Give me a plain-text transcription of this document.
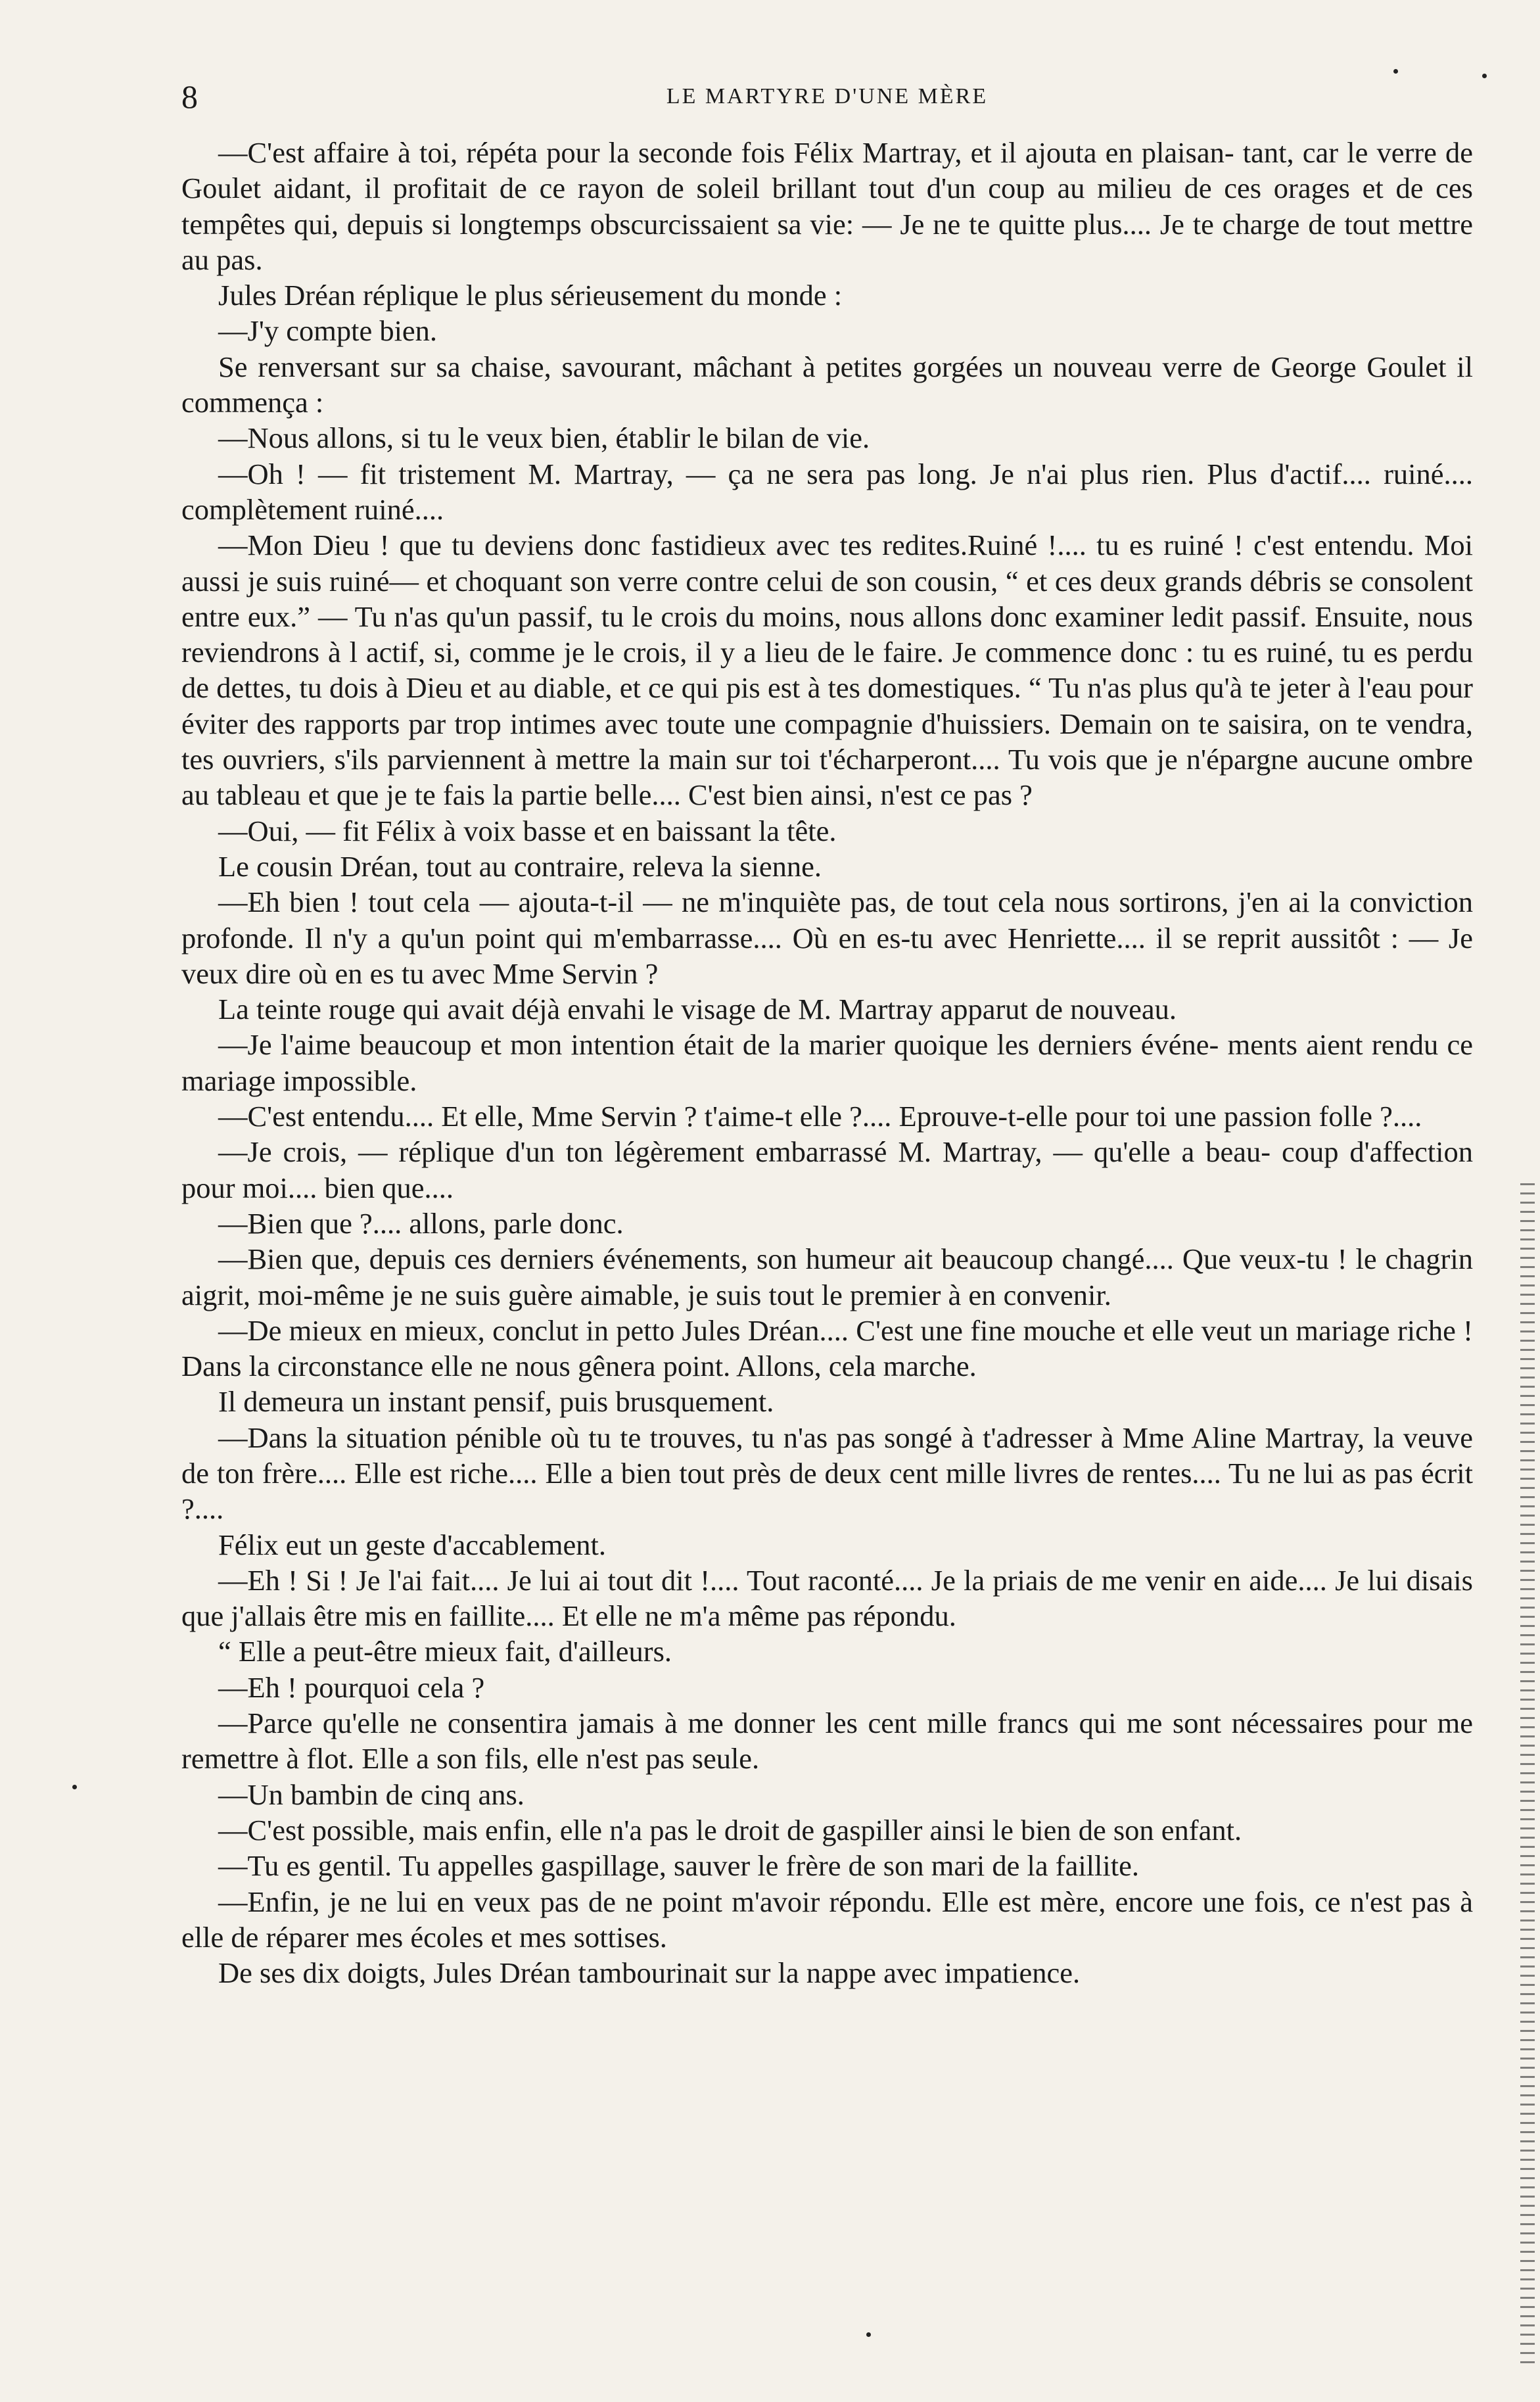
8	LE MARTYRE D'UNE MÈRE

—C'est affaire à toi, répéta pour la seconde fois Félix Martray, et il ajouta en plaisan- tant, car le verre de Goulet aidant, il profitait de ce rayon de soleil brillant tout d'un coup au milieu de ces orages et de ces tempêtes qui, depuis si longtemps obscurcissaient sa vie: — Je ne te quitte plus.... Je te charge de tout mettre au pas.

Jules Dréan réplique le plus sérieusement du monde :

—J'y compte bien.

Se renversant sur sa chaise, savourant, mâchant à petites gorgées un nouveau verre de George Goulet il commença :

—Nous allons, si tu le veux bien, établir le bilan de vie.

—Oh ! — fit tristement M. Martray, — ça ne sera pas long. Je n'ai plus rien. Plus d'actif.... ruiné.... complètement ruiné....

—Mon Dieu ! que tu deviens donc fastidieux avec tes redites.Ruiné !.... tu es ruiné ! c'est entendu. Moi aussi je suis ruiné— et choquant son verre contre celui de son cousin, “ et ces deux grands débris se consolent entre eux.” — Tu n'as qu'un passif, tu le crois du moins, nous allons donc examiner ledit passif. Ensuite, nous reviendrons à l actif, si, comme je le crois, il y a lieu de le faire. Je commence donc : tu es ruiné, tu es perdu de dettes, tu dois à Dieu et au diable, et ce qui pis est à tes domestiques. “ Tu n'as plus qu'à te jeter à l'eau pour éviter des rapports par trop intimes avec toute une compagnie d'huissiers. Demain on te saisira, on te vendra, tes ouvriers, s'ils parviennent à mettre la main sur toi t'écharperont.... Tu vois que je n'épargne aucune ombre au tableau et que je te fais la partie belle.... C'est bien ainsi, n'est ce pas ?

—Oui, — fit Félix à voix basse et en baissant la tête.

Le cousin Dréan, tout au contraire, releva la sienne.

—Eh bien ! tout cela — ajouta-t-il — ne m'inquiète pas, de tout cela nous sortirons, j'en ai la conviction profonde. Il n'y a qu'un point qui m'embarrasse.... Où en es-tu avec Henriette.... il se reprit aussitôt : — Je veux dire où en es tu avec Mme Servin ?

La teinte rouge qui avait déjà envahi le visage de M. Martray apparut de nouveau.

—Je l'aime beaucoup et mon intention était de la marier quoique les derniers événe- ments aient rendu ce mariage impossible.

—C'est entendu.... Et elle, Mme Servin ? t'aime-t elle ?.... Eprouve-t-elle pour toi une passion folle ?....

—Je crois, — réplique d'un ton légèrement embarrassé M. Martray, — qu'elle a beau- coup d'affection pour moi.... bien que....

—Bien que ?.... allons, parle donc.

—Bien que, depuis ces derniers événements, son humeur ait beaucoup changé.... Que veux-tu ! le chagrin aigrit, moi-même je ne suis guère aimable, je suis tout le premier à en convenir.

—De mieux en mieux, conclut in petto Jules Dréan.... C'est une fine mouche et elle veut un mariage riche ! Dans la circonstance elle ne nous gênera point. Allons, cela marche.

Il demeura un instant pensif, puis brusquement.

—Dans la situation pénible où tu te trouves, tu n'as pas songé à t'adresser à Mme Aline Martray, la veuve de ton frère.... Elle est riche.... Elle a bien tout près de deux cent mille livres de rentes.... Tu ne lui as pas écrit ?....

Félix eut un geste d'accablement.

—Eh ! Si ! Je l'ai fait.... Je lui ai tout dit !.... Tout raconté.... Je la priais de me venir en aide.... Je lui disais que j'allais être mis en faillite.... Et elle ne m'a même pas répondu.

“ Elle a peut-être mieux fait, d'ailleurs.

—Eh ! pourquoi cela ?

—Parce qu'elle ne consentira jamais à me donner les cent mille francs qui me sont nécessaires pour me remettre à flot. Elle a son fils, elle n'est pas seule.

—Un bambin de cinq ans.

—C'est possible, mais enfin, elle n'a pas le droit de gaspiller ainsi le bien de son enfant.

—Tu es gentil. Tu appelles gaspillage, sauver le frère de son mari de la faillite.

—Enfin, je ne lui en veux pas de ne point m'avoir répondu. Elle est mère, encore une fois, ce n'est pas à elle de réparer mes écoles et mes sottises.

De ses dix doigts, Jules Dréan tambourinait sur la nappe avec impatience.
